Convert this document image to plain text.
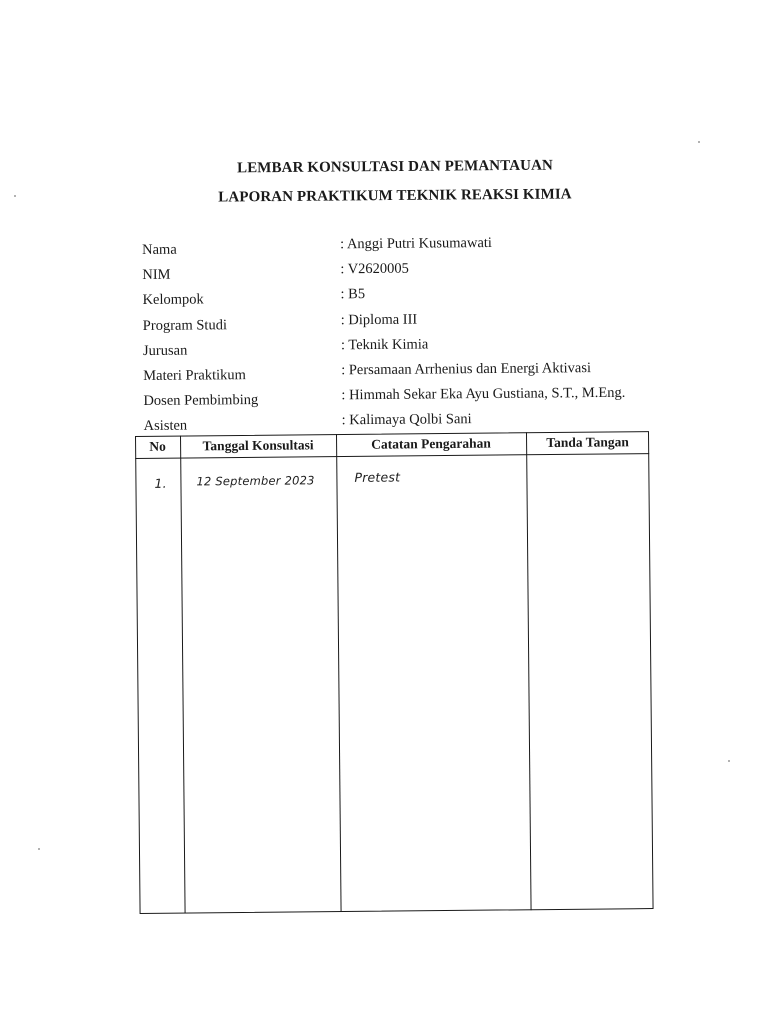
LEMBAR KONSULTASI DAN PEMANTAUAN
LAPORAN PRAKTIKUM TEKNIK REAKSI KIMIA
Nama	: Anggi Putri Kusumawati
NIM	: V2620005
Kelompok	: B5
Program Studi	: Diploma III
Jurusan	: Teknik Kimia
Materi Praktikum	: Persamaan Arrhenius dan Energi Aktivasi
Dosen Pembimbing	: Himmah Sekar Eka Ayu Gustiana, S.T., M.Eng.
Asisten	: Kalimaya Qolbi Sani
No	Tanggal Konsultasi	Catatan Pengarahan	Tanda Tangan
1.	12 September 2023	Pretest
